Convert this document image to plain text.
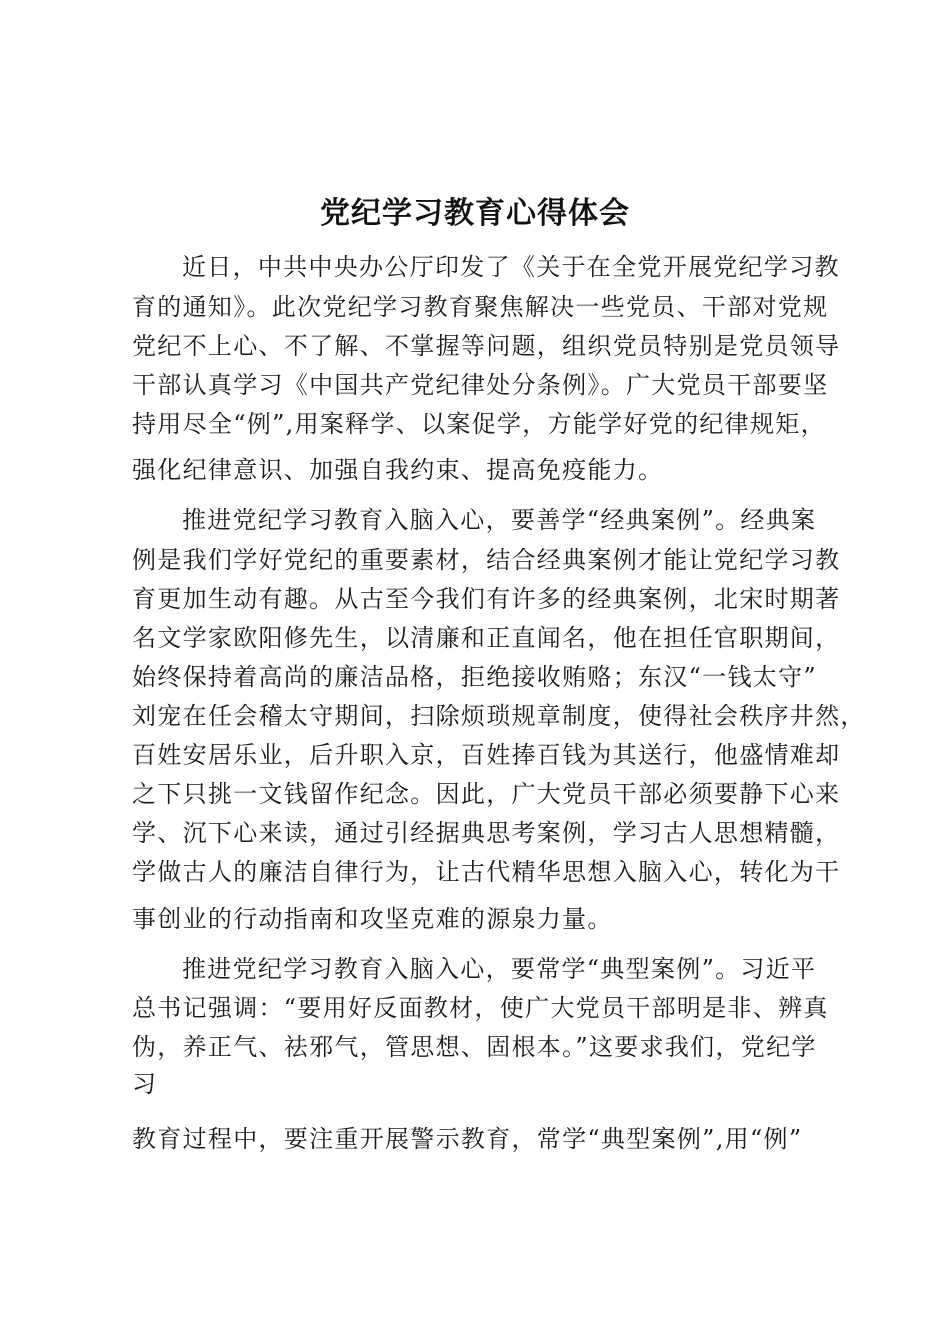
党纪学习教育心得体会
近日，中共中央办公厅印发了《关于在全党开展党纪学习教
育的通知》。此次党纪学习教育聚焦解决一些党员、干部对党规
党纪不上心、不了解、不掌握等问题，组织党员特别是党员领导
干部认真学习《中国共产党纪律处分条例》。广大党员干部要坚
持用尽全“例”,用案释学、以案促学，方能学好党的纪律规矩，
强化纪律意识、加强自我约束、提高免疫能力。
推进党纪学习教育入脑入心，要善学“经典案例”。经典案
例是我们学好党纪的重要素材，结合经典案例才能让党纪学习教
育更加生动有趣。从古至今我们有许多的经典案例，北宋时期著
名文学家欧阳修先生，以清廉和正直闻名，他在担任官职期间，
始终保持着高尚的廉洁品格，拒绝接收贿赂；东汉“一钱太守”
刘宠在任会稽太守期间，扫除烦琐规章制度，使得社会秩序井然，
百姓安居乐业，后升职入京，百姓捧百钱为其送行，他盛情难却
之下只挑一文钱留作纪念。因此，广大党员干部必须要静下心来
学、沉下心来读，通过引经据典思考案例，学习古人思想精髓，
学做古人的廉洁自律行为，让古代精华思想入脑入心，转化为干
事创业的行动指南和攻坚克难的源泉力量。
推进党纪学习教育入脑入心，要常学“典型案例”。习近平
总书记强调：“要用好反面教材，使广大党员干部明是非、辨真
伪，养正气、祛邪气，管思想、固根本。”这要求我们，党纪学
习
教育过程中，要注重开展警示教育，常学“典型案例”,用“例”
